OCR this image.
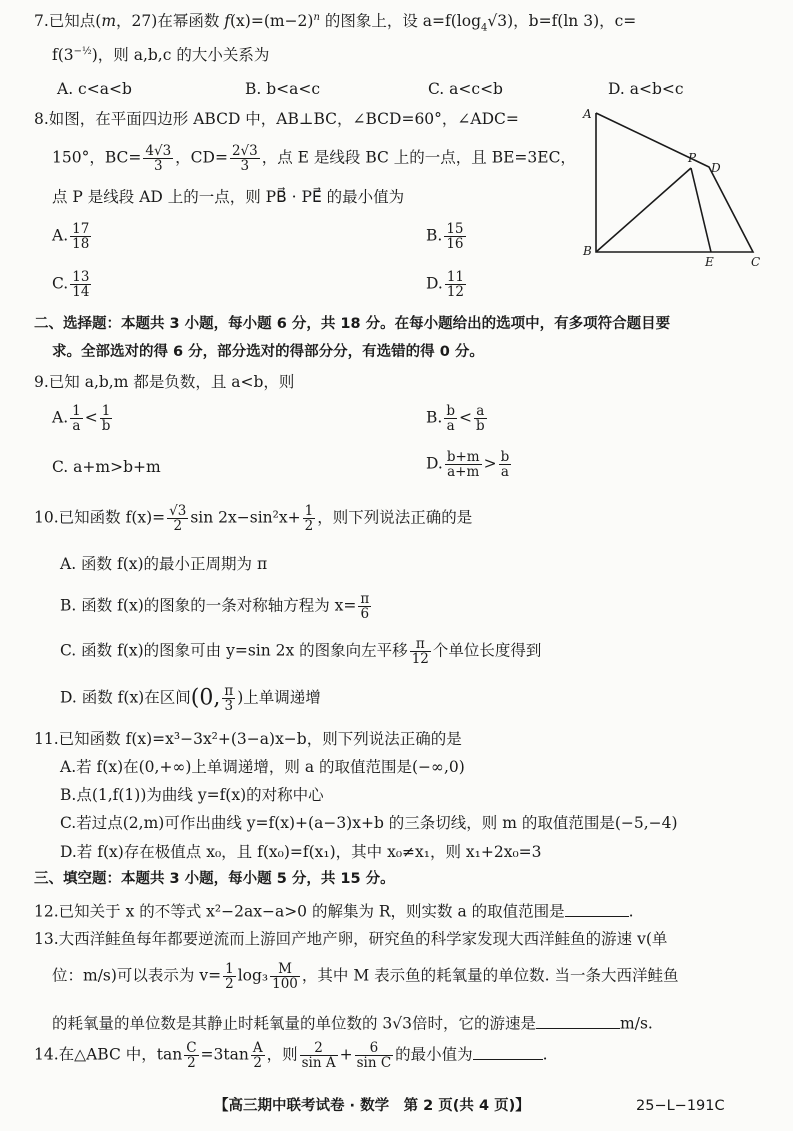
7.已知点(m，27)在幂函数 $f(x)=(m-2)^n$ 的图象上，设 $a=f(\log_4√3)$，b=f(ln 3)，c=
$f(3^{-\frac{1}{2}})$，则 a,b,c 的大小关系为
A. c<a<b	B. b<a<c	C. a<c<b	D. a<b<c
8.如图，在平面四边形 ABCD 中，AB⊥BC，∠BCD=60°，∠ADC=
150°，$BC= \frac{4√3}{3}$ ，$CD= \frac{2√3}{3}$ ，点 E 是线段 BC 上的一点，且 BE=3EC，
点 P 是线段 AD 上的一点，则 PB⃗ · PE⃗ 的最小值为
A. $\frac{17}{18}$	B. $\frac{15}{16}$
C. $\frac{13}{14}$	D. $\frac{11}{12}$
A
B
C
D
E
P
二、选择题：本题共 3 小题，每小题 6 分，共 18 分。在每小题给出的选项中，有多项符合题目要
求。全部选对的得 6 分，部分选对的得部分分，有选错的得 0 分。
9.已知 a,b,m 都是负数，且 a<b，则
A. $\frac{1}{a} < \frac{1}{b}$	B. $\frac{b}{a} < \frac{a}{b}$
C. a+m>b+m	D. $\frac{b+m}{a+m} > \frac{b}{a}$
10.已知函数 $f(x)= \frac{√3}{2}$ $\sin 2x-\sin^2x+ \frac{1}{2}$ ，则下列说法正确的是
A. 函数 f(x)的最小正周期为 π
B. 函数 f(x)的图象的一条对称轴方程为 $x= \frac{\pi}{6}$
C. 函数 f(x)的图象可由 y=sin 2x 的图象向左平移 $\frac{\pi}{12}$ 个单位长度得到
D. 函数 f(x)在区间(0, $\frac{\pi}{3}$ )上单调递增
11.已知函数 f(x)=x³−3x²+(3−a)x−b，则下列说法正确的是
A.若 f(x)在(0,+∞)上单调递增，则 a 的取值范围是(−∞,0)
B.点(1,f(1))为曲线 y=f(x)的对称中心
C.若过点(2,m)可作出曲线 y=f(x)+(a−3)x+b 的三条切线，则 m 的取值范围是(−5,−4)
D.若 f(x)存在极值点 x₀，且 f(x₀)=f(x₁)，其中 x₀≠x₁，则 x₁+2x₀=3
三、填空题：本题共 3 小题，每小题 5 分，共 15 分。
12.已知关于 x 的不等式 x²−2ax−a>0 的解集为 R，则实数 a 的取值范围是	.
13.大西洋鲑鱼每年都要逆流而上游回产地产卵，研究鱼的科学家发现大西洋鲑鱼的游速 v(单
位：m/s)可以表示为 $v= \frac{1}{2} \log_3 \frac{M}{100}$ ，其中 M 表示鱼的耗氧量的单位数. 当一条大西洋鲑鱼
的耗氧量的单位数是其静止时耗氧量的单位数的 3√3倍时，它的游速是	m/s.
14.在△ABC 中，$\tan \frac{C}{2} =3\tan \frac{A}{2}$ ，则 $\frac{2}{\text{sin A}} + \frac{6}{\text{sin C}}$ 的最小值为	.
【高三期中联考试卷 · 数学　第 2 页(共 4 页)】	25−L−191C
